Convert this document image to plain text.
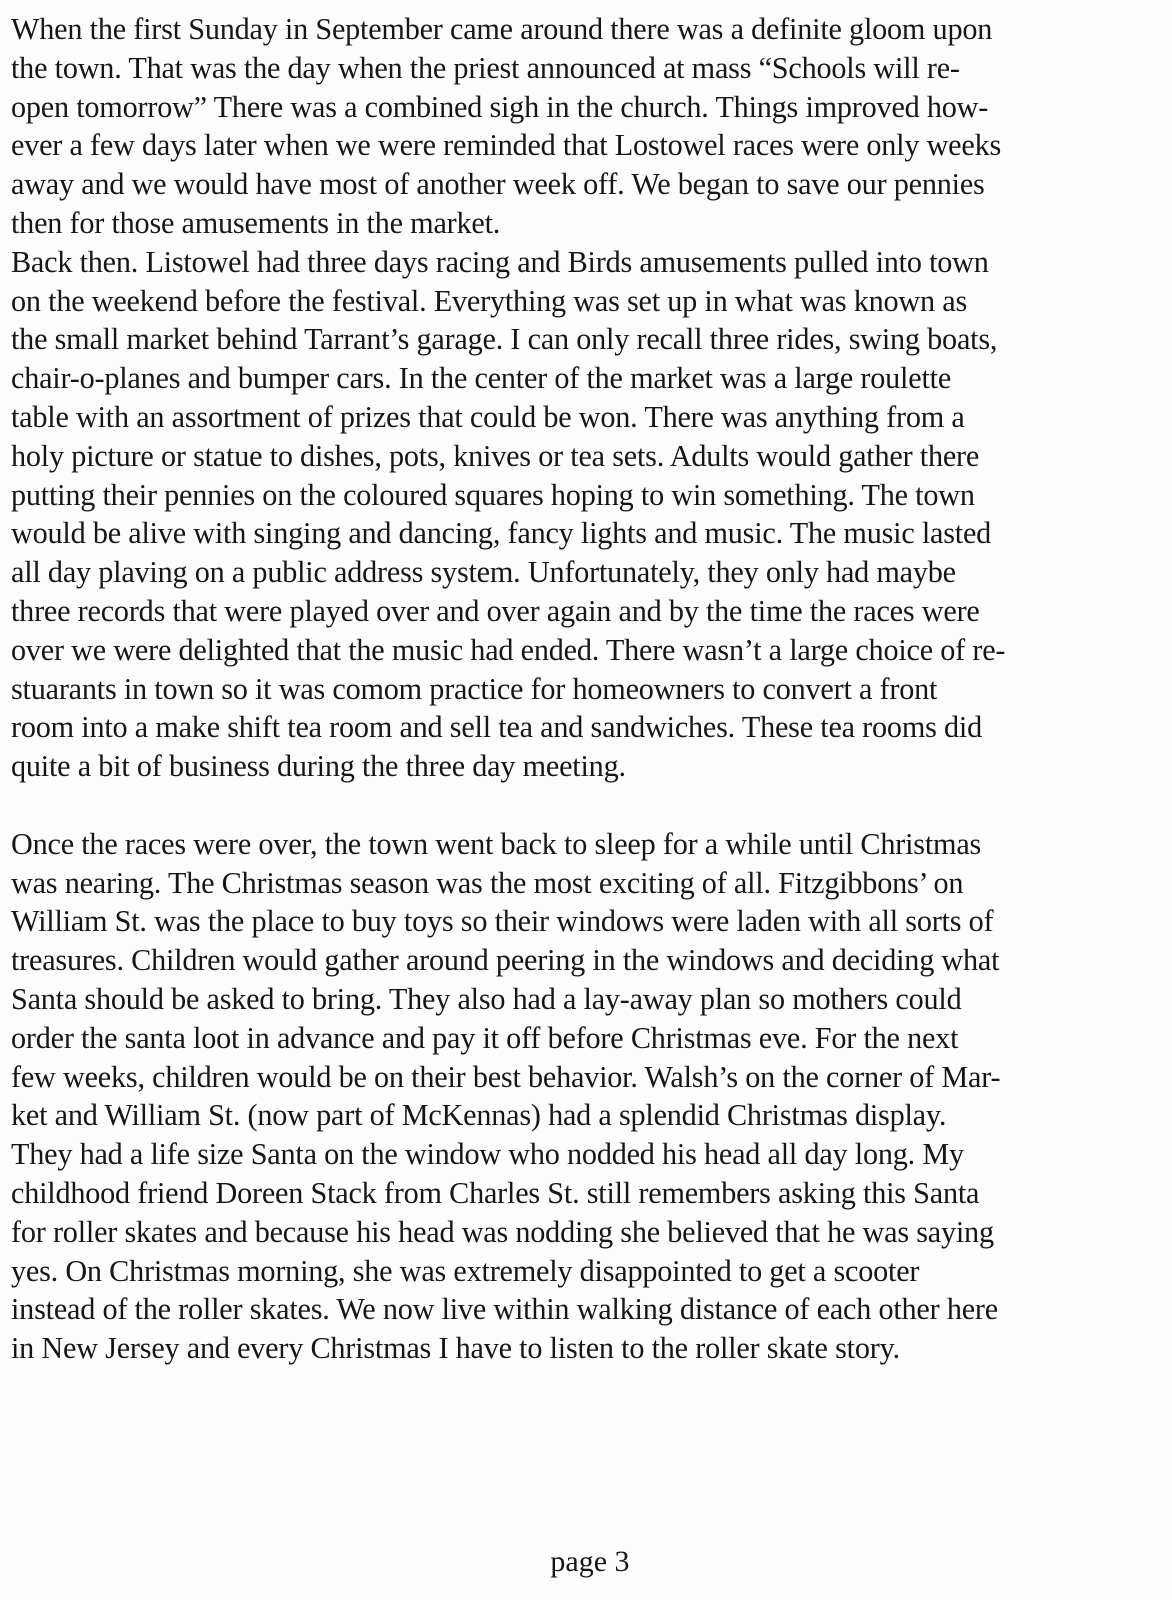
When the first Sunday in September came around there was a definite gloom upon
the town. That was the day when the priest announced at mass “Schools will re-
open tomorrow” There was a combined sigh in the church. Things improved how-
ever a few days later when we were reminded that Lostowel races were only weeks
away and we would have most of another week off. We began to save our pennies
then for those amusements in the market.
Back then. Listowel had three days racing and Birds amusements pulled into town
on the weekend before the festival. Everything was set up in what was known as
the small market behind Tarrant’s garage. I can only recall three rides, swing boats,
chair-o-planes and bumper cars. In the center of the market was a large roulette
table with an assortment of prizes that could be won. There was anything from a
holy picture or statue to dishes, pots, knives or tea sets. Adults would gather there
putting their pennies on the coloured squares hoping to win something. The town
would be alive with singing and dancing, fancy lights and music. The music lasted
all day plaving on a public address system. Unfortunately, they only had maybe
three records that were played over and over again and by the time the races were
over we were delighted that the music had ended. There wasn’t a large choice of re-
stuarants in town so it was comom practice for homeowners to convert a front
room into a make shift tea room and sell tea and sandwiches. These tea rooms did
quite a bit of business during the three day meeting.
Once the races were over, the town went back to sleep for a while until Christmas
was nearing. The Christmas season was the most exciting of all. Fitzgibbons’ on
William St. was the place to buy toys so their windows were laden with all sorts of
treasures. Children would gather around peering in the windows and deciding what
Santa should be asked to bring. They also had a lay-away plan so mothers could
order the santa loot in advance and pay it off before Christmas eve. For the next
few weeks, children would be on their best behavior. Walsh’s on the corner of Mar-
ket and William St. (now part of McKennas) had a splendid Christmas display.
They had a life size Santa on the window who nodded his head all day long. My
childhood friend Doreen Stack from Charles St. still remembers asking this Santa
for roller skates and because his head was nodding she believed that he was saying
yes. On Christmas morning, she was extremely disappointed to get a scooter
instead of the roller skates. We now live within walking distance of each other here
in New Jersey and every Christmas I have to listen to the roller skate story.
page 3
